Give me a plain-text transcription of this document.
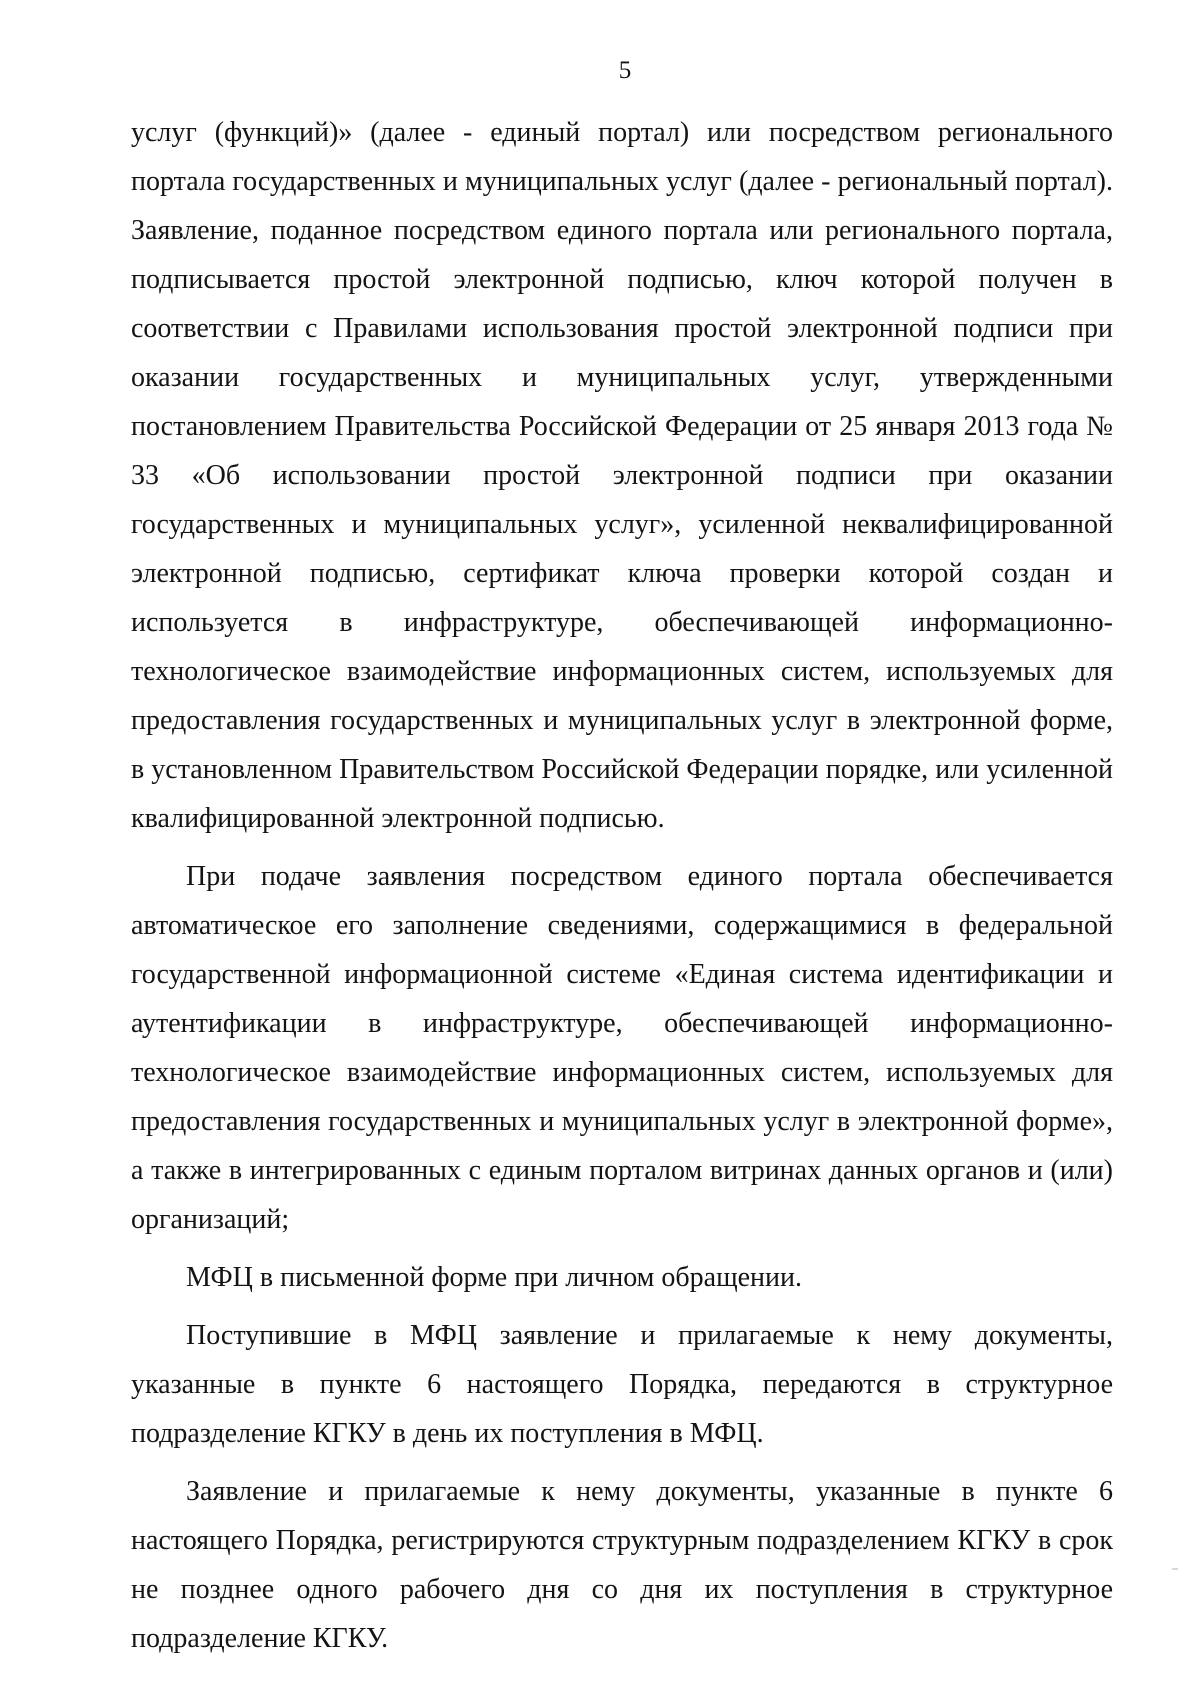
5

услуг (функций)» (далее - единый портал) или посредством регионального портала государственных и муниципальных услуг (далее - региональный портал). Заявление, поданное посредством единого портала или регионального портала, подписывается простой электронной подписью, ключ которой получен в соответствии с Правилами использования простой электронной подписи при оказании государственных и муниципальных услуг, утвержденными постановлением Правительства Российской Федерации от 25 января 2013 года № 33 «Об использовании простой электронной подписи при оказании государственных и муниципальных услуг», усиленной неквалифицированной электронной подписью, сертификат ключа проверки которой создан и используется в инфраструктуре, обеспечивающей информационно-технологическое взаимодействие информационных систем, используемых для предоставления государственных и муниципальных услуг в электронной форме, в установленном Правительством Российской Федерации порядке, или усиленной квалифицированной электронной подписью.

При подаче заявления посредством единого портала обеспечивается автоматическое его заполнение сведениями, содержащимися в федеральной государственной информационной системе «Единая система идентификации и аутентификации в инфраструктуре, обеспечивающей информационно-технологическое взаимодействие информационных систем, используемых для предоставления государственных и муниципальных услуг в электронной форме», а также в интегрированных с единым порталом витринах данных органов и (или) организаций;

МФЦ в письменной форме при личном обращении.

Поступившие в МФЦ заявление и прилагаемые к нему документы, указанные в пункте 6 настоящего Порядка, передаются в структурное подразделение КГКУ в день их поступления в МФЦ.

Заявление и прилагаемые к нему документы, указанные в пункте 6 настоящего Порядка, регистрируются структурным подразделением КГКУ в срок не позднее одного рабочего дня со дня их поступления в структурное подразделение КГКУ.
